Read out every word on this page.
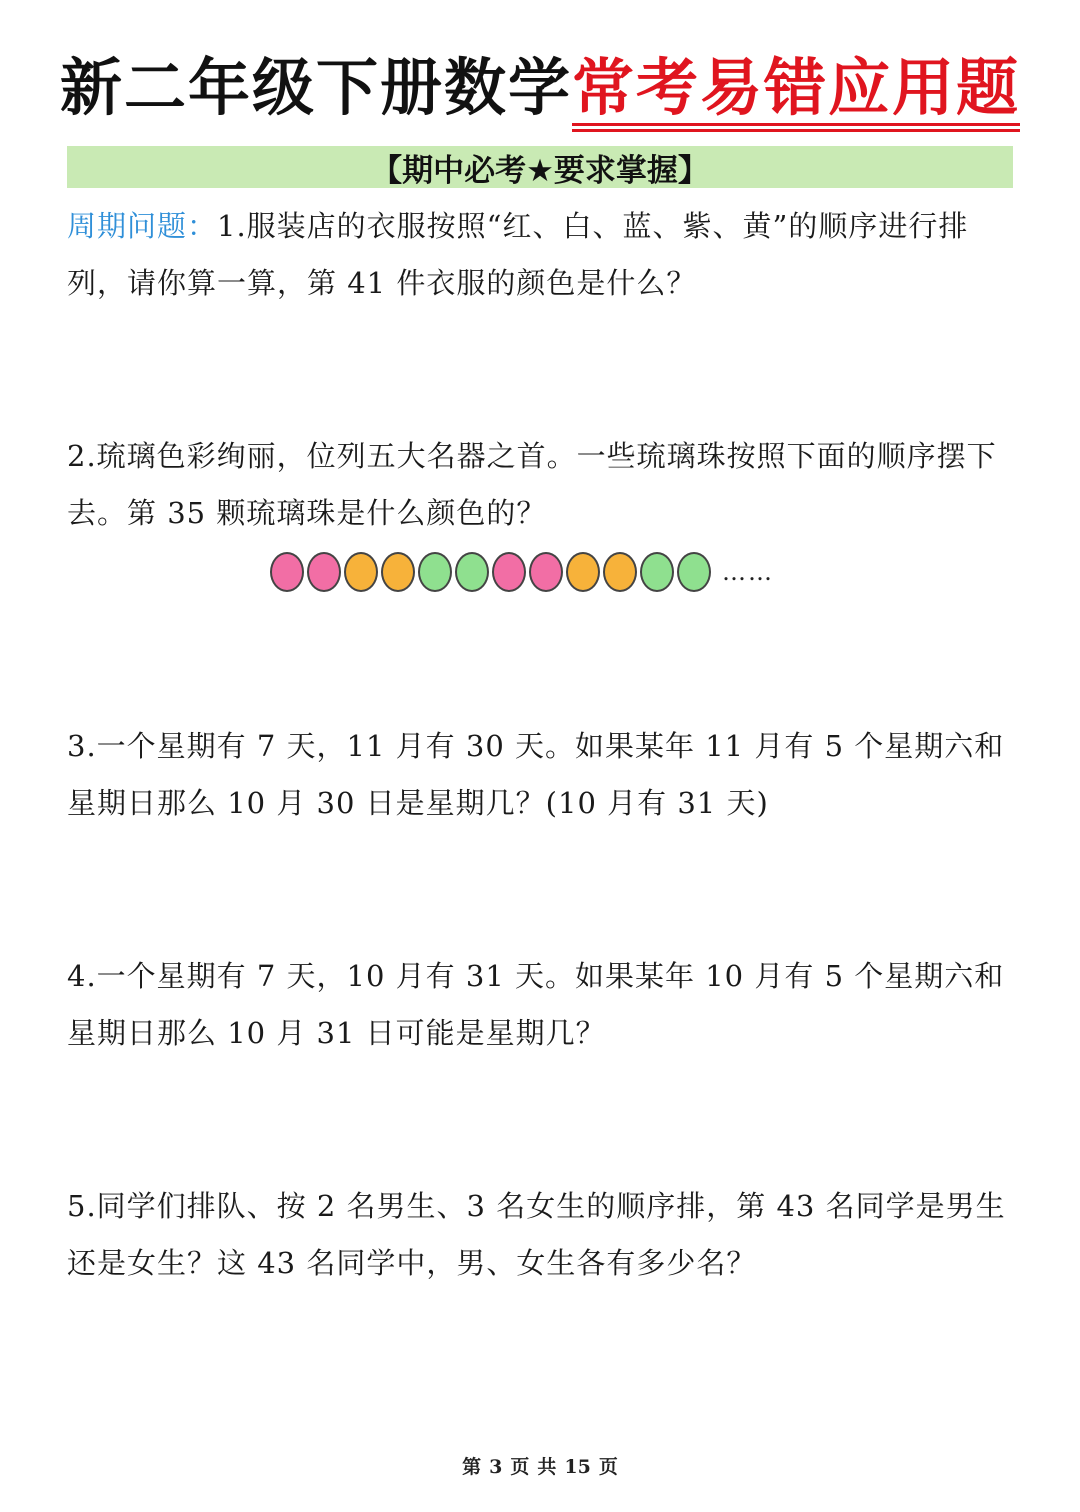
新二年级下册数学常考易错应用题
【期中必考★要求掌握】
周期问题：1.服装店的衣服按照“红、白、蓝、紫、黄”的顺序进行排列，请你算一算，第 41 件衣服的颜色是什么？
2.琉璃色彩绚丽，位列五大名器之首。一些琉璃珠按照下面的顺序摆下去。第 35 颗琉璃珠是什么颜色的？
……
3.一个星期有 7 天，11 月有 30 天。如果某年 11 月有 5 个星期六和星期日那么 10 月 30 日是星期几？(10 月有 31 天)
4.一个星期有 7 天，10 月有 31 天。如果某年 10 月有 5 个星期六和星期日那么 10 月 31 日可能是星期几？
5.同学们排队、按 2 名男生、3 名女生的顺序排，第 43 名同学是男生还是女生？这 43 名同学中，男、女生各有多少名？
第 3 页 共 15 页
